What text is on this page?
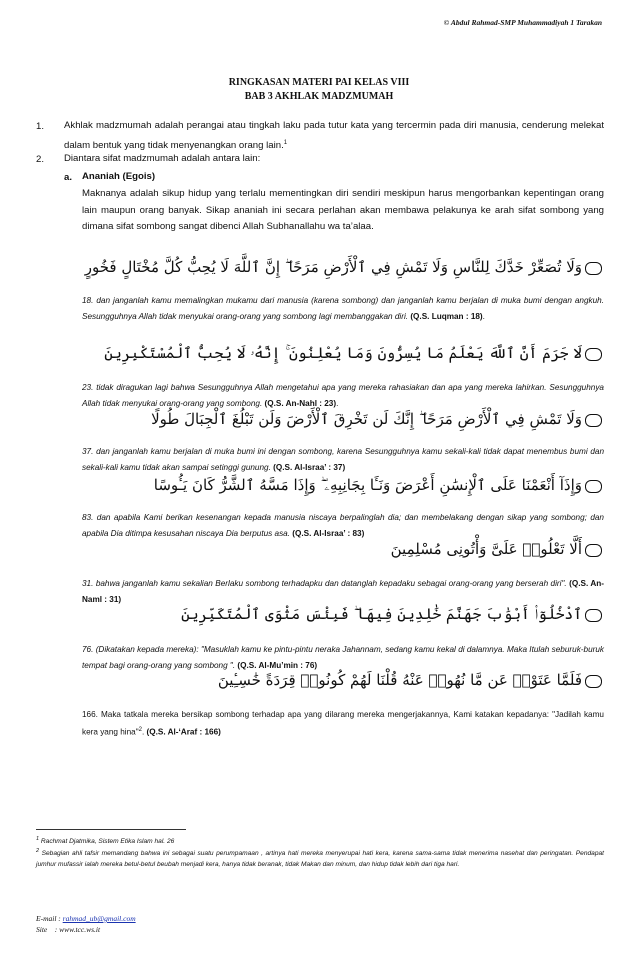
© Abdul Rahmad-SMP Muhammadiyah 1 Tarakan
RINGKASAN MATERI PAI KELAS VIII
BAB 3 AKHLAK MADZMUMAH
1. Akhlak madzmumah adalah perangai atau tingkah laku pada tutur kata yang tercermin pada diri manusia, cenderung melekat dalam bentuk yang tidak menyenangkan orang lain.$^1$
2. Diantara sifat madzmumah adalah antara lain:
a. Ananiah (Egois)
Maknanya adalah sikup hidup yang terlalu mementingkan diri sendiri meskipun harus mengorbankan kepentingan orang lain maupun orang banyak. Sikap ananiah ini secara perlahan akan membawa pelakunya ke arah sifat sombong yang dimana sifat sombong sangat dibenci Allah Subhanallahu wa ta’alaa.
وَلَا تُصَعِّرْ خَدَّكَ لِلنَّاسِ وَلَا تَمْشِ فِي ٱلْأَرْضِ مَرَحًا ۖ إِنَّ ٱللَّهَ لَا يُحِبُّ كُلَّ مُخْتَالٍ فَخُورٍ
18. dan janganlah kamu memalingkan mukamu dari manusia (karena sombong) dan janganlah kamu berjalan di muka bumi dengan angkuh. Sesungguhnya Allah tidak menyukai orang-orang yang sombong lagi membanggakan diri. (Q.S. Luqman : 18).
لَا جَرَمَ أَنَّ ٱللَّهَ يَعْلَمُ مَا يُسِرُّونَ وَمَا يُعْلِنُونَ ۚ إِنَّهُۥ لَا يُحِبُّ ٱلْمُسْتَكْبِرِينَ
23. tidak diragukan lagi bahwa Sesungguhnya Allah mengetahui apa yang mereka rahasiakan dan apa yang mereka lahirkan. Sesungguhnya Allah tidak menyukai orang-orang yang sombong. (Q.S. An-Nahl : 23).
وَلَا تَمْشِ فِي ٱلْأَرْضِ مَرَحًا ۖ إِنَّكَ لَن تَخْرِقَ ٱلْأَرْضَ وَلَن تَبْلُغَ ٱلْجِبَالَ طُولًا
37. dan janganlah kamu berjalan di muka bumi ini dengan sombong, karena Sesungguhnya kamu sekali-kali tidak dapat menembus bumi dan sekali-kali kamu tidak akan sampai setinggi gunung. (Q.S. Al-Israa’ : 37)
وَإِذَآ أَنْعَمْنَا عَلَى ٱلْإِنسَٰنِ أَعْرَضَ وَنَـَٔا بِجَانِبِهِۦ ۖ وَإِذَا مَسَّهُ ٱلشَّرُّ كَانَ يَـُٔوسًا
83. dan apabila Kami berikan kesenangan kepada manusia niscaya berpalinglah dia; dan membelakang dengan sikap yang sombong; dan apabila Dia ditimpa kesusahan niscaya Dia berputus asa. (Q.S. Al-Israa’ : 83)
أَلَّا تَعْلُوا۟ عَلَىَّ وَأْتُونِى مُسْلِمِينَ
31. bahwa janganlah kamu sekalian Berlaku sombong terhadapku dan datanglah kepadaku sebagai orang-orang yang berserah diri". (Q.S. An-Naml : 31)
ٱدْخُلُوٓا۟ أَبْوَٰبَ جَهَنَّمَ خَٰلِدِينَ فِيهَا ۖ فَبِئْسَ مَثْوَى ٱلْمُتَكَبِّرِينَ
76. (Dikatakan kepada mereka): "Masuklah kamu ke pintu-pintu neraka Jahannam, sedang kamu kekal di dalamnya. Maka Itulah seburuk-buruk tempat bagi orang-orang yang sombong ". (Q.S. Al-Mu’min : 76)
فَلَمَّا عَتَوْا۟ عَن مَّا نُهُوا۟ عَنْهُ قُلْنَا لَهُمْ كُونُوا۟ قِرَدَةً خَٰسِـِٔينَ
166. Maka tatkala mereka bersikap sombong terhadap apa yang dilarang mereka mengerjakannya, Kami katakan kepadanya: "Jadilah kamu kera yang hina"$^2$. (Q.S. Al-‘Araf : 166)
$^1$ Rachmat Djatmika, Sistem Etika Islam hal. 26
$^2$ Sebagian ahli tafsir memandang bahwa ini sebagai suatu perumpamaan , artinya hati mereka menyerupai hati kera, karena sama-sama tidak menerima nasehat dan peringatan. Pendapat jumhur mufassir ialah mereka betul-betul beubah menjadi kera, hanya tidak beranak, tidak Makan dan minum, dan hidup tidak lebih dari tiga hari.
E-mail : rahmad_ub@gmail.com
Site    : www.tcc.ws.it
